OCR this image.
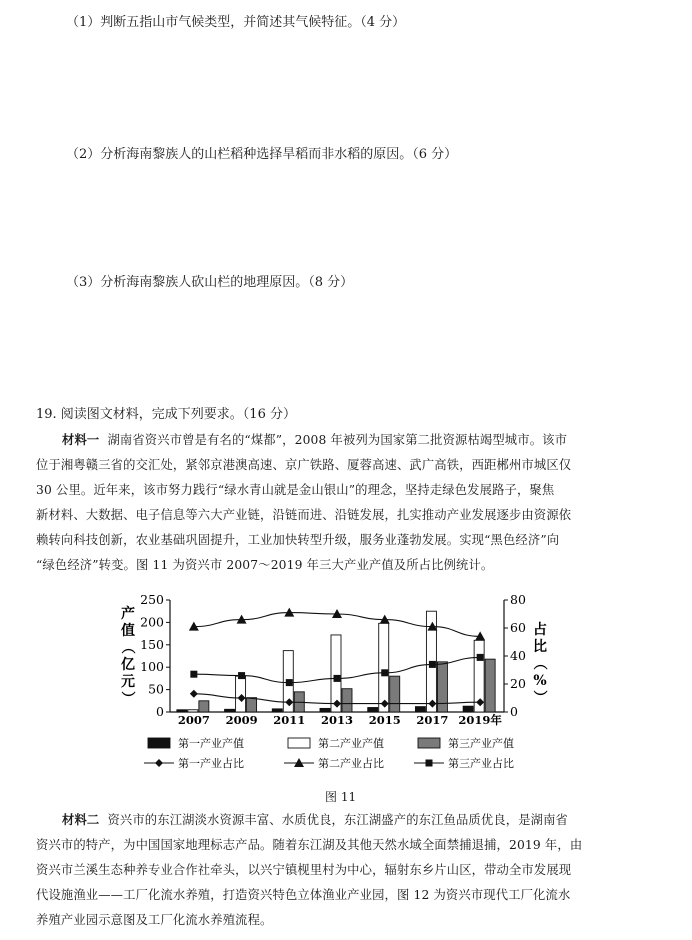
（1）判断五指山市气候类型，并简述其气候特征。（4 分）
（2）分析海南黎族人的山栏稻种选择旱稻而非水稻的原因。（6 分）
（3）分析海南黎族人砍山栏的地理原因。（8 分）
19. 阅读图文材料，完成下列要求。（16 分）
材料一 湖南省资兴市曾是有名的“煤都”，2008 年被列为国家第二批资源枯竭型城市。该市
位于湘粤赣三省的交汇处，紧邻京港澳高速、京广铁路、厦蓉高速、武广高铁，西距郴州市城区仅
30 公里。近年来，该市努力践行“绿水青山就是金山银山”的理念，坚持走绿色发展路子，聚焦
新材料、大数据、电子信息等六大产业链，沿链而进、沿链发展，扎实推动产业发展逐步由资源依
赖转向科技创新，农业基础巩固提升，工业加快转型升级，服务业蓬勃发展。实现“黑色经济”向
“绿色经济”转变。图 11 为资兴市 2007～2019 年三大产业产值及所占比例统计。
0
50
100
150
200
250
0
20
40
60
80
2007 2009 2011 2013 2015 2017 2019年
产
值
（
亿
元
）
占
比
（
%
）
第一产业产值	第二产业产值	第三产业产值
第一产业占比	第二产业占比	第三产业占比
图 11
材料二 资兴市的东江湖淡水资源丰富、水质优良，东江湖盛产的东江鱼品质优良，是湖南省
资兴市的特产，为中国国家地理标志产品。随着东江湖及其他天然水域全面禁捕退捕，2019 年，由
资兴市兰溪生态种养专业合作社牵头，以兴宁镇枧里村为中心，辐射东乡片山区，带动全市发展现
代设施渔业——工厂化流水养殖，打造资兴特色立体渔业产业园，图 12 为资兴市现代工厂化流水
养殖产业园示意图及工厂化流水养殖流程。
